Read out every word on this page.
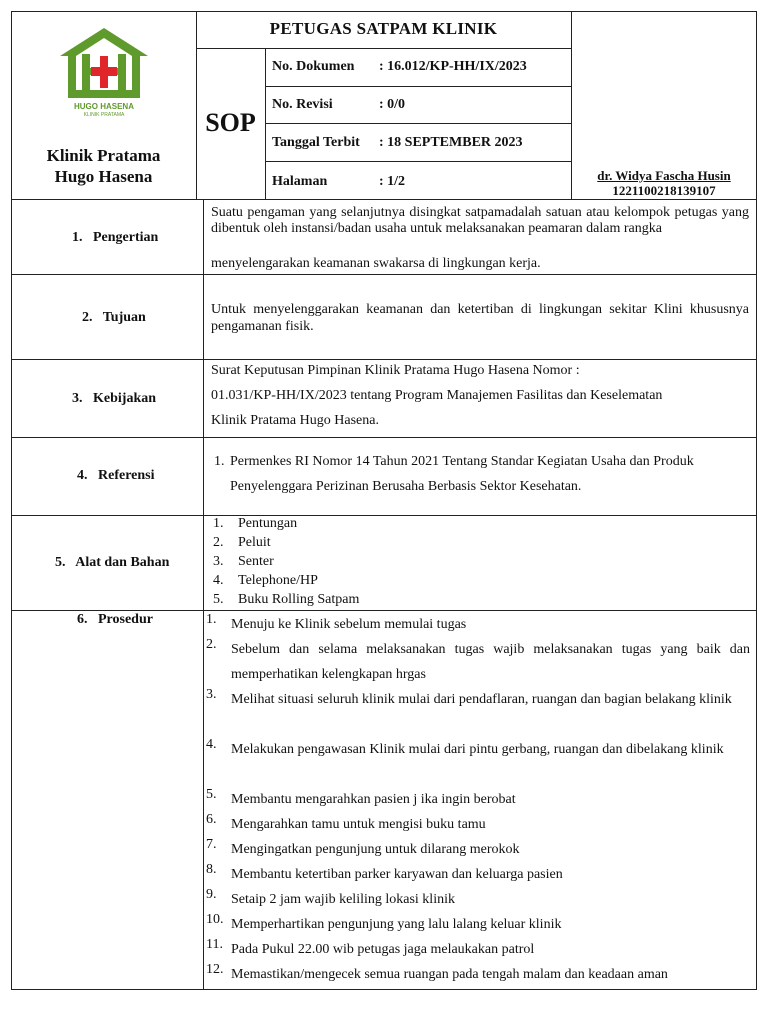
HUGO HASENA
KLINIK PRATAMA
Klinik Pratama
Hugo Hasena
PETUGAS SATPAM KLINIK
SOP
No. Dokumen : 16.012/KP-HH/IX/2023
No. Revisi	: 0/0
Tanggal Terbit : 18 SEPTEMBER 2023
Halaman	: 1/2	dr. Widya Fascha Husin
1221100218139107
1.   Pengertian
Suatu pengaman yang selanjutnya disingkat satpamadalah satuan atau kelompok petugas yang dibentuk oleh instansi/badan usaha untuk melaksanakan peamaran dalam rangka
menyelengarakan keamanan swakarsa di lingkungan kerja.
2.   Tujuan
Untuk menyelenggarakan keamanan dan ketertiban di lingkungan sekitar Klini khususnya pengamanan fisik.
3.   Kebijakan
Surat Keputusan Pimpinan Klinik Pratama Hugo Hasena Nomor :
01.031/KP-HH/IX/2023 tentang Program Manajemen Fasilitas dan Keselematan
Klinik Pratama Hugo Hasena.
4.   Referensi
1. Permenkes RI Nomor 14 Tahun 2021 Tentang Standar Kegiatan Usaha dan Produk
Penyelenggara Perizinan Berusaha Berbasis Sektor Kesehatan.
5.   Alat dan Bahan
1. Pentungan
2. Peluit
3. Senter
4. Telephone/HP
5. Buku Rolling Satpam
6.   Prosedur	1. Menuju ke Klinik sebelum memulai tugas
2. Sebelum dan selama melaksanakan tugas wajib melaksanakan tugas yang baik dan memperhatikan kelengkapan hrgas
3. Melihat situasi seluruh klinik mulai dari pendaflaran, ruangan dan bagian belakang klinik
4. Melakukan pengawasan Klinik mulai dari pintu gerbang, ruangan dan dibelakang klinik
5. Membantu mengarahkan pasien j ika ingin berobat
6. Mengarahkan tamu untuk mengisi buku tamu
7. Mengingatkan pengunjung untuk dilarang merokok
8. Membantu ketertiban parker karyawan dan keluarga pasien
9. Setaip 2 jam wajib keliling lokasi klinik
10. Memperhartikan pengunjung yang lalu lalang keluar klinik
11. Pada Pukul 22.00 wib petugas jaga melaukakan patrol
12. Memastikan/mengecek semua ruangan pada tengah malam dan keadaan aman
